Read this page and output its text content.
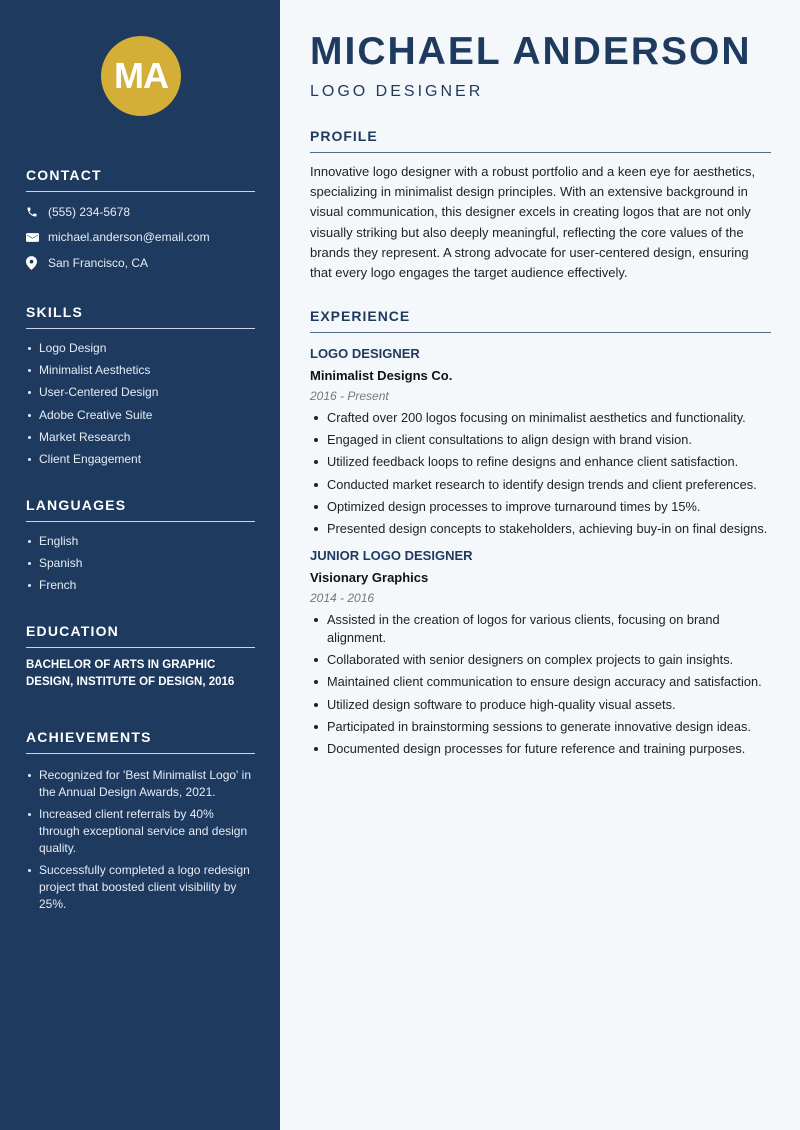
MA
CONTACT
(555) 234-5678
michael.anderson@email.com
San Francisco, CA
SKILLS
Logo Design
Minimalist Aesthetics
User-Centered Design
Adobe Creative Suite
Market Research
Client Engagement
LANGUAGES
English
Spanish
French
EDUCATION

BACHELOR OF ARTS IN GRAPHIC DESIGN, INSTITUTE OF DESIGN, 2016

ACHIEVEMENTS
Recognized for 'Best Minimalist Logo' in the Annual Design Awards, 2021.
Increased client referrals by 40% through exceptional service and design quality.
Successfully completed a logo redesign project that boosted client visibility by 25%.
MICHAEL ANDERSON
LOGO DESIGNER
PROFILE

Innovative logo designer with a robust portfolio and a keen eye for aesthetics, specializing in minimalist design principles. With an extensive background in visual communication, this designer excels in creating logos that are not only visually striking but also deeply meaningful, reflecting the core values of the brands they represent. A strong advocate for user-centered design, ensuring that every logo engages the target audience effectively.

EXPERIENCE
LOGO DESIGNER
Minimalist Designs Co.
2016 - Present
Crafted over 200 logos focusing on minimalist aesthetics and functionality.
Engaged in client consultations to align design with brand vision.
Utilized feedback loops to refine designs and enhance client satisfaction.
Conducted market research to identify design trends and client preferences.
Optimized design processes to improve turnaround times by 15%.
Presented design concepts to stakeholders, achieving buy-in on final designs.
JUNIOR LOGO DESIGNER
Visionary Graphics
2014 - 2016
Assisted in the creation of logos for various clients, focusing on brand alignment.
Collaborated with senior designers on complex projects to gain insights.
Maintained client communication to ensure design accuracy and satisfaction.
Utilized design software to produce high-quality visual assets.
Participated in brainstorming sessions to generate innovative design ideas.
Documented design processes for future reference and training purposes.
